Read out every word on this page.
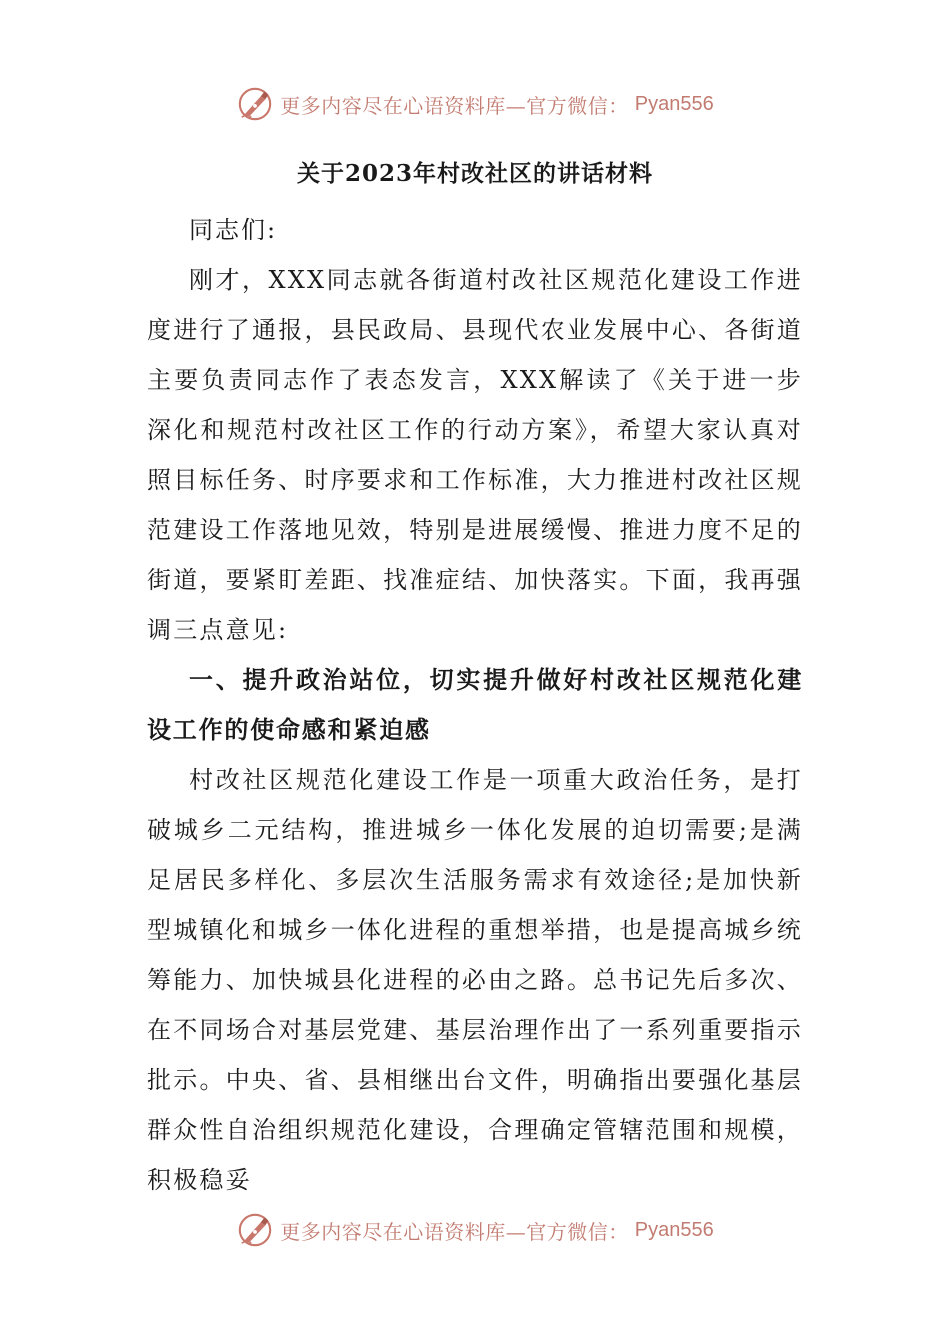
更多内容尽在心语资料库—官方微信： Pyan556
关于2023年村改社区的讲话材料

同志们:

刚才，XXX同志就各街道村改社区规范化建设工作进度进行了通报，县民政局、县现代农业发展中心、各街道主要负责同志作了表态发言，XXX解读了《关于进一步深化和规范村改社区工作的行动方案》，希望大家认真对照目标任务、时序要求和工作标准，大力推进村改社区规范建设工作落地见效，特别是进展缓慢、推进力度不足的街道，要紧盯差距、找准症结、加快落实。下面，我再强调三点意见:

一、提升政治站位，切实提升做好村改社区规范化建设工作的使命感和紧迫感

村改社区规范化建设工作是一项重大政治任务，是打破城乡二元结构，推进城乡一体化发展的迫切需要;是满足居民多样化、多层次生活服务需求有效途径;是加快新型城镇化和城乡一体化进程的重想举措，也是提高城乡统筹能力、加快城县化进程的必由之路。总书记先后多次、在不同场合对基层党建、基层治理作出了一系列重要指示批示。中央、省、县相继出台文件，明确指出要强化基层群众性自治组织规范化建设，合理确定管辖范围和规模，积极稳妥

更多内容尽在心语资料库—官方微信： Pyan556
